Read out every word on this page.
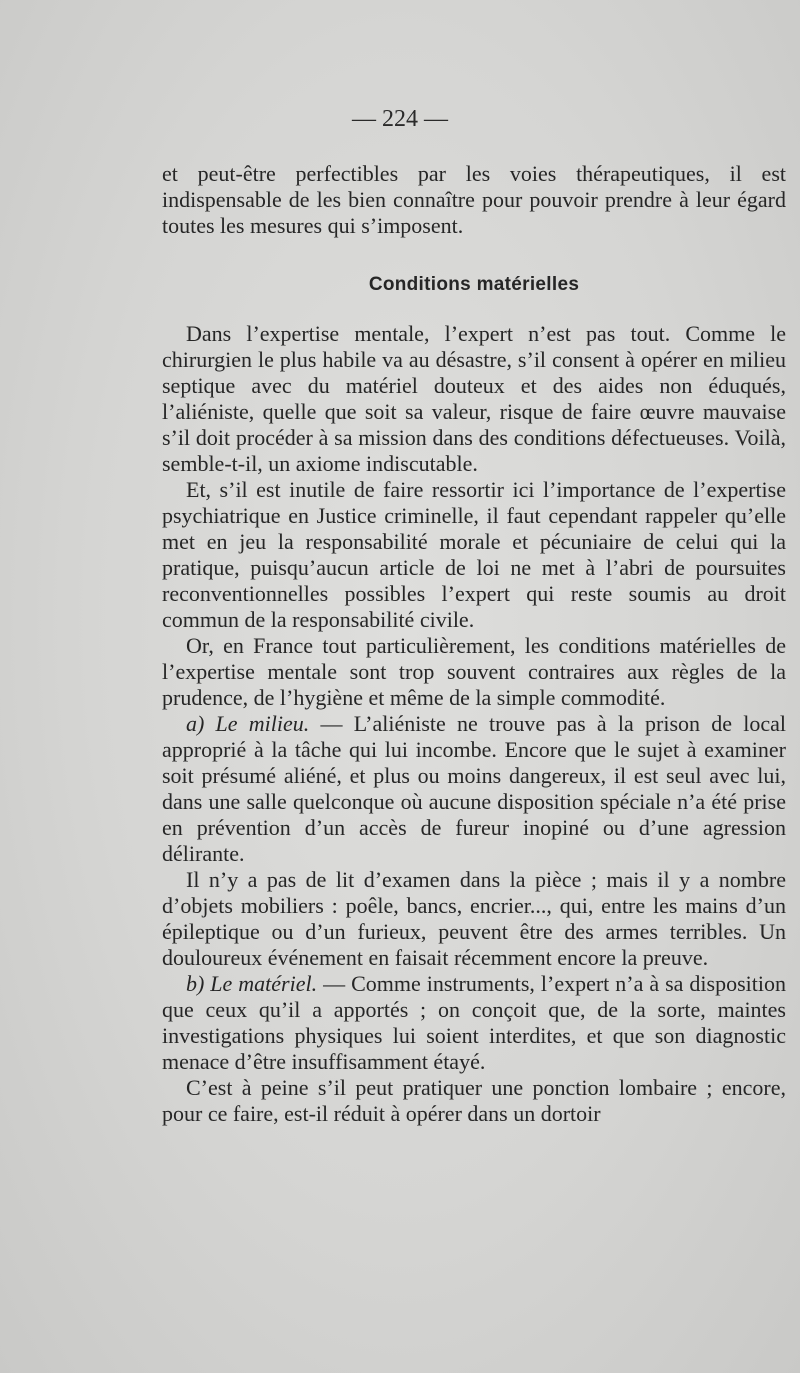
— 224 —

et peut-être perfectibles par les voies thérapeutiques, il est indispensable de les bien connaître pour pouvoir prendre à leur égard toutes les mesures qui s’imposent.

Conditions matérielles

Dans l’expertise mentale, l’expert n’est pas tout. Comme le chirurgien le plus habile va au désastre, s’il consent à opérer en milieu septique avec du matériel douteux et des aides non éduqués, l’aliéniste, quelle que soit sa valeur, risque de faire œuvre mauvaise s’il doit procéder à sa mission dans des conditions défectueuses. Voilà, semble-t-il, un axiome indiscutable.

Et, s’il est inutile de faire ressortir ici l’importance de l’expertise psychiatrique en Justice criminelle, il faut cependant rappeler qu’elle met en jeu la responsabilité morale et pécuniaire de celui qui la pratique, puisqu’aucun article de loi ne met à l’abri de poursuites reconventionnelles possibles l’expert qui reste soumis au droit commun de la responsabilité civile.

Or, en France tout particulièrement, les conditions matérielles de l’expertise mentale sont trop souvent contraires aux règles de la prudence, de l’hygiène et même de la simple commodité.

a) Le milieu. — L’aliéniste ne trouve pas à la prison de local approprié à la tâche qui lui incombe. Encore que le sujet à examiner soit présumé aliéné, et plus ou moins dangereux, il est seul avec lui, dans une salle quelconque où aucune disposition spéciale n’a été prise en prévention d’un accès de fureur inopiné ou d’une agression délirante.

Il n’y a pas de lit d’examen dans la pièce ; mais il y a nombre d’objets mobiliers : poêle, bancs, encrier..., qui, entre les mains d’un épileptique ou d’un furieux, peuvent être des armes terribles. Un douloureux événement en faisait récemment encore la preuve.

b) Le matériel. — Comme instruments, l’expert n’a à sa disposition que ceux qu’il a apportés ; on conçoit que, de la sorte, maintes investigations physiques lui soient interdites, et que son diagnostic menace d’être insuffisamment étayé.

C’est à peine s’il peut pratiquer une ponction lombaire ; encore, pour ce faire, est-il réduit à opérer dans un dortoir
